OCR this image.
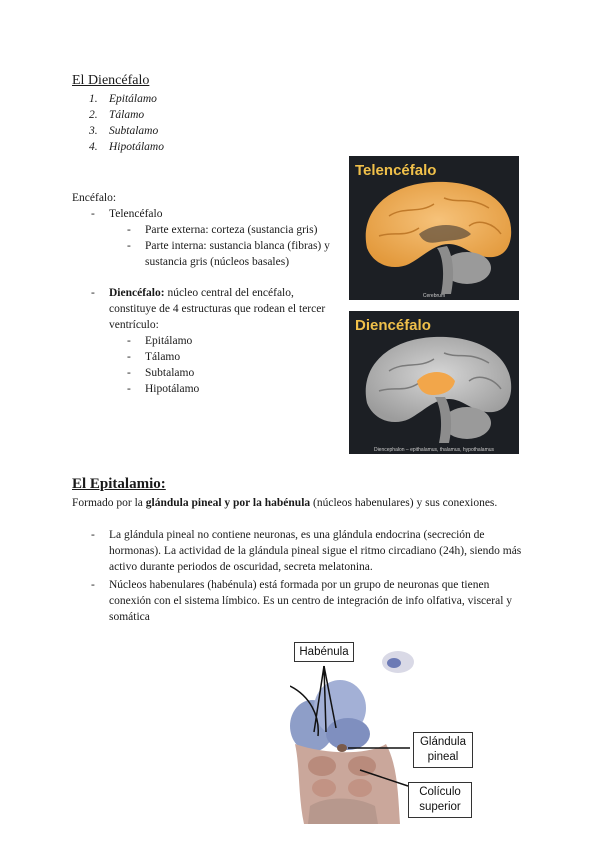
El Diencéfalo
1. Epitálamo
2. Tálamo
3. Subtalamo
4. Hipotálamo
Encéfalo:
- Telencéfalo
- Parte externa: corteza (sustancia gris)
- Parte interna: sustancia blanca (fibras) y sustancia gris (núcleos basales)
- Diencéfalo: núcleo central del encéfalo, constituye de 4 estructuras que rodean el tercer ventrículo:
- Epitálamo
- Tálamo
- Subtalamo
- Hipotálamo
Telencéfalo
Cerebrum
Diencéfalo
Diencephalon – epithalamus, thalamus, hypothalamus
El Epitalamio:
Formado por la glándula pineal y por la habénula (núcleos habenulares) y sus conexiones.
- La glándula pineal no contiene neuronas, es una glándula endocrina (secreción de hormonas). La actividad de la glándula pineal sigue el ritmo circadiano (24h), siendo más activo durante periodos de oscuridad, secreta melatonina.
- Núcleos habenulares (habénula) está formada por un grupo de neuronas que tienen conexión con el sistema límbico. Es un centro de integración de info olfativa, visceral y somática
Habénula
Glándula pineal
Colículo superior
